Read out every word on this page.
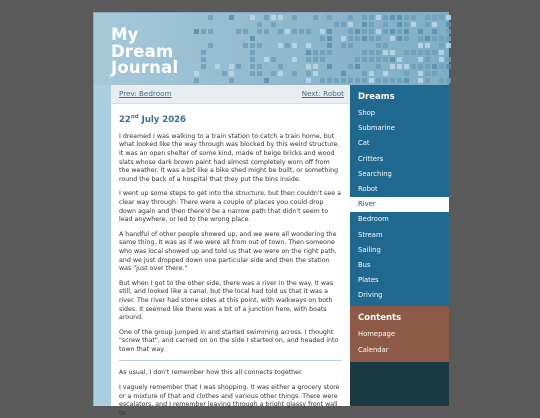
My
Dream
Journal
Prev: Bedroom	Next: Robot
22nd July 2026

I dreamed I was walking to a train station to catch a train home, but what looked like the way through was blocked by this weird structure. It was an open shelter of some kind, made of beige bricks and wood slats whose dark brown paint had almost completely worn off from the weather. It was a bit like a bike shed might be built, or something round the back of a hospital that they put the bins inside.

I went up some steps to get into the structure, but then couldn't see a clear way through. There were a couple of places you could drop down again and then there'd be a narrow path that didn't seem to lead anywhere, or led to the wrong place.

A handful of other people showed up, and we were all wondering the same thing. It was as if we were all from out of town. Then someone who was local showed up and told us that we were on the right path, and we just dropped down one particular side and then the station was "just over there."

But when I got to the other side, there was a river in the way. It was still, and looked like a canal, but the local had told us that it was a river. The river had stone sides at this point, with walkways on both sides. It seemed like there was a bit of a junction here, with boats around.

One of the group jumped in and started swimming across. I thought "screw that", and carried on on the side I started on, and headed into town that way.

As usual, I don't remember how this all connects together.

I vaguely remember that I was shopping. It was either a grocery store or a mixture of that and clothes and various other things. There were escalators, and I remember leaving through a bright glassy front wall to

Dreams
Shop
Submarine
Cat
Critters
Searching
Robot
River
Bedroom
Stream
Sailing
Bus
Plates
Driving
Contents
Homepage
Calendar
